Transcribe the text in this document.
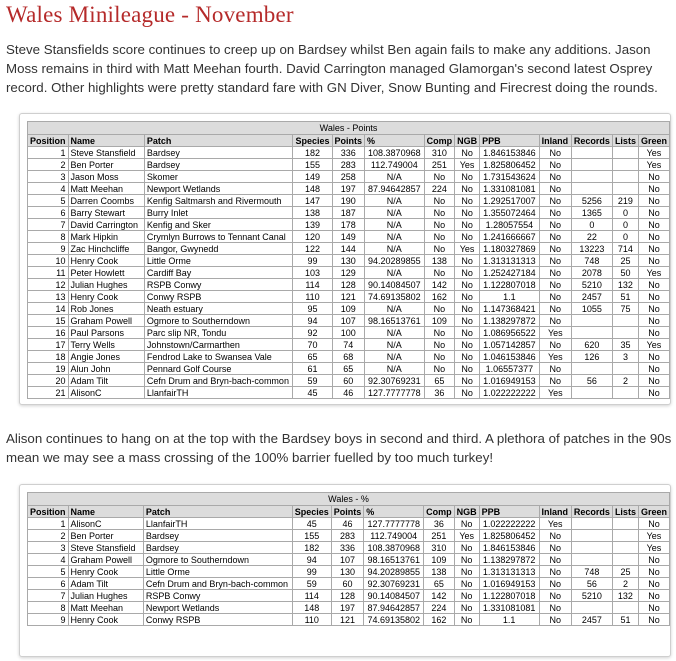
Wales Minileague - November

Steve Stansfields score continues to creep up on Bardsey whilst Ben again fails to make any additions. Jason Moss remains in third with Matt Meehan fourth. David Carrington managed Glamorgan's second latest Osprey record. Other highlights were pretty standard fare with GN Diver, Snow Bunting and Firecrest doing the rounds.

Wales - Points												
Position	Name	Patch	Species	Points	%	Comp	NGB	PPB	Inland	Records	Lists	Green
1	Steve Stansfield	Bardsey	182	336	108.3870968	310	No	1.846153846	No			Yes
2	Ben Porter	Bardsey	155	283	112.749004	251	Yes	1.825806452	No			Yes
3	Jason Moss	Skomer	149	258	N/A	No	No	1.731543624	No			No
4	Matt Meehan	Newport Wetlands	148	197	87.94642857	224	No	1.331081081	No			No
5	Darren Coombs	Kenfig Saltmarsh and Rivermouth	147	190	N/A	No	No	1.292517007	No	5256	219	No
6	Barry Stewart	Burry Inlet	138	187	N/A	No	No	1.355072464	No	1365	0	No
7	David Carrington	Kenfig and Sker	139	178	N/A	No	No	1.28057554	No	0	0	No
8	Mark Hipkin	Crymlyn Burrows to Tennant Canal	120	149	N/A	No	No	1.241666667	No	22	0	No
9	Zac Hinchcliffe	Bangor, Gwynedd	122	144	N/A	No	Yes	1.180327869	No	13223	714	No
10	Henry Cook	Little Orme	99	130	94.20289855	138	No	1.313131313	No	748	25	No
11	Peter Howlett	Cardiff Bay	103	129	N/A	No	No	1.252427184	No	2078	50	Yes
12	Julian Hughes	RSPB Conwy	114	128	90.14084507	142	No	1.122807018	No	5210	132	No
13	Henry Cook	Conwy RSPB	110	121	74.69135802	162	No	1.1	No	2457	51	No
14	Rob Jones	Neath estuary	95	109	N/A	No	No	1.147368421	No	1055	75	No
15	Graham Powell	Ogmore to Southerndown	94	107	98.16513761	109	No	1.138297872	No			No
16	Paul Parsons	Parc slip NR, Tondu	92	100	N/A	No	No	1.086956522	Yes			No
17	Terry Wells	Johnstown/Carmarthen	70	74	N/A	No	No	1.057142857	No	620	35	Yes
18	Angie Jones	Fendrod Lake to Swansea Vale	65	68	N/A	No	No	1.046153846	Yes	126	3	No
19	Alun John	Pennard Golf Course	61	65	N/A	No	No	1.06557377	No			No
20	Adam Tilt	Cefn Drum and Bryn-bach-common	59	60	92.30769231	65	No	1.016949153	No	56	2	No
21	AlisonC	LlanfairTH	45	46	127.7777778	36	No	1.022222222	Yes			No

Alison continues to hang on at the top with the Bardsey boys in second and third. A plethora of patches in the 90s mean we may see a mass crossing of the 100% barrier fuelled by too much turkey!

Wales - %												
Position	Name	Patch	Species	Points	%	Comp	NGB	PPB	Inland	Records	Lists	Green
1	AlisonC	LlanfairTH	45	46	127.7777778	36	No	1.022222222	Yes			No
2	Ben Porter	Bardsey	155	283	112.749004	251	Yes	1.825806452	No			Yes
3	Steve Stansfield	Bardsey	182	336	108.3870968	310	No	1.846153846	No			Yes
4	Graham Powell	Ogmore to Southerndown	94	107	98.16513761	109	No	1.138297872	No			No
5	Henry Cook	Little Orme	99	130	94.20289855	138	No	1.313131313	No	748	25	No
6	Adam Tilt	Cefn Drum and Bryn-bach-common	59	60	92.30769231	65	No	1.016949153	No	56	2	No
7	Julian Hughes	RSPB Conwy	114	128	90.14084507	142	No	1.122807018	No	5210	132	No
8	Matt Meehan	Newport Wetlands	148	197	87.94642857	224	No	1.331081081	No			No
9	Henry Cook	Conwy RSPB	110	121	74.69135802	162	No	1.1	No	2457	51	No
